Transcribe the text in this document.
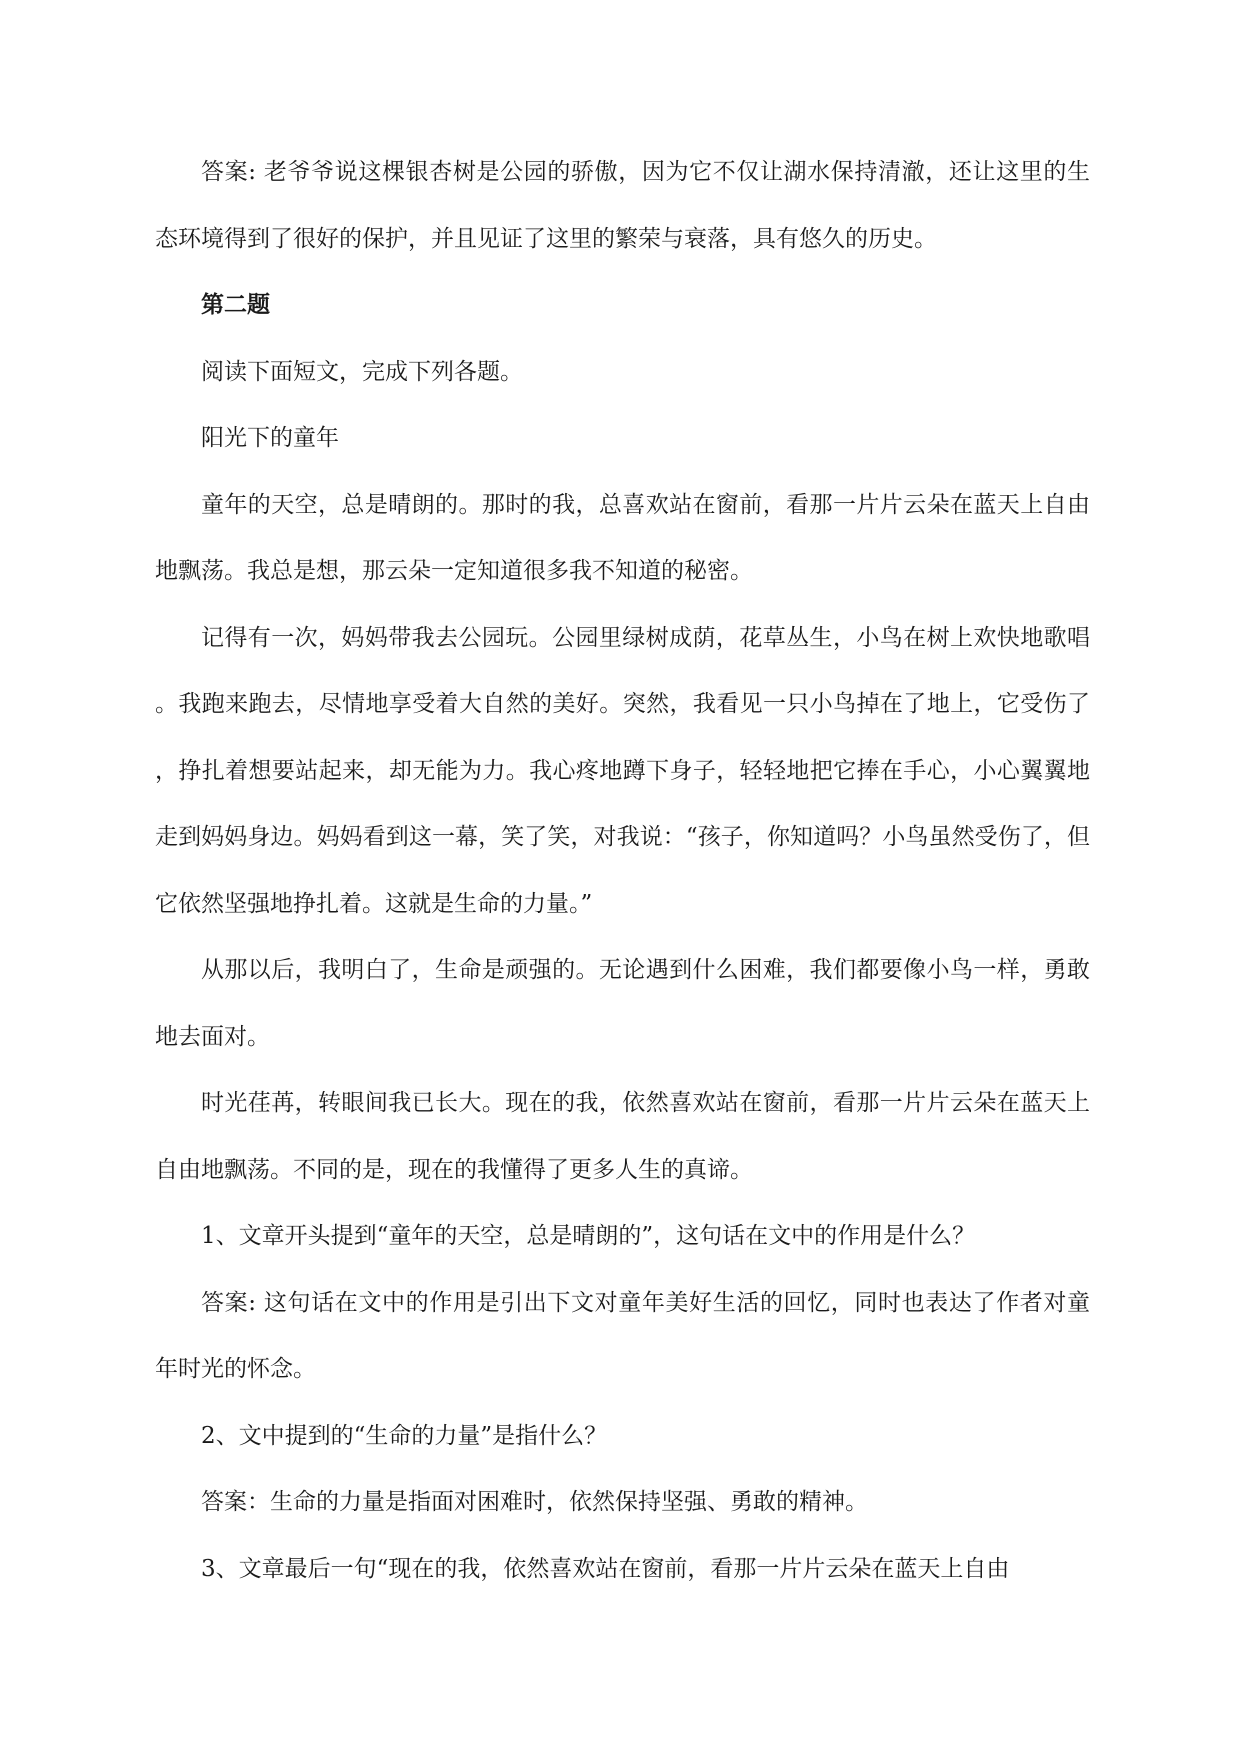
答案: 老爷爷说这棵银杏树是公园的骄傲，因为它不仅让湖水保持清澈，还让这里的生态环境得到了很好的保护，并且见证了这里的繁荣与衰落，具有悠久的历史。

第二题

阅读下面短文，完成下列各题。

阳光下的童年

童年的天空，总是晴朗的。那时的我，总喜欢站在窗前，看那一片片云朵在蓝天上自由地飘荡。我总是想，那云朵一定知道很多我不知道的秘密。

记得有一次，妈妈带我去公园玩。公园里绿树成荫，花草丛生，小鸟在树上欢快地歌唱。我跑来跑去，尽情地享受着大自然的美好。突然，我看见一只小鸟掉在了地上，它受伤了，挣扎着想要站起来，却无能为力。我心疼地蹲下身子，轻轻地把它捧在手心，小心翼翼地走到妈妈身边。妈妈看到这一幕，笑了笑，对我说：“孩子，你知道吗？小鸟虽然受伤了，但它依然坚强地挣扎着。这就是生命的力量。”

从那以后，我明白了，生命是顽强的。无论遇到什么困难，我们都要像小鸟一样，勇敢地去面对。

时光荏苒，转眼间我已长大。现在的我，依然喜欢站在窗前，看那一片片云朵在蓝天上自由地飘荡。不同的是，现在的我懂得了更多人生的真谛。

1、文章开头提到“童年的天空，总是晴朗的”，这句话在文中的作用是什么？

答案: 这句话在文中的作用是引出下文对童年美好生活的回忆，同时也表达了作者对童年时光的怀念。

2、文中提到的“生命的力量”是指什么？

答案：生命的力量是指面对困难时，依然保持坚强、勇敢的精神。

3、文章最后一句“现在的我，依然喜欢站在窗前，看那一片片云朵在蓝天上自由
